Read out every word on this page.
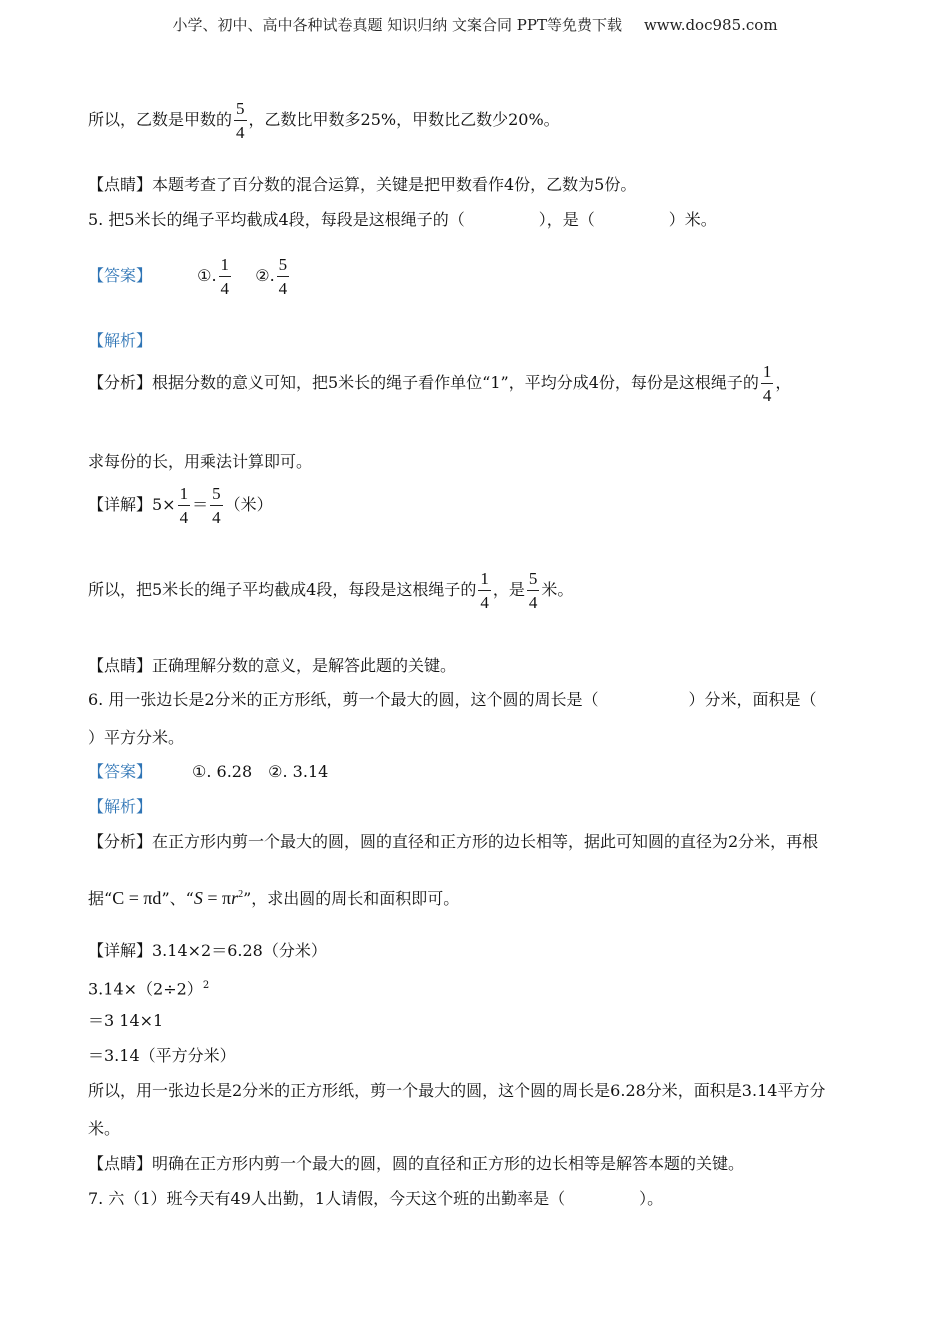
小学、初中、高中各种试卷真题 知识归纳 文案合同 PPT等免费下载 www.doc985.com
所以，乙数是甲数的 $\frac{5}{4}$ ，乙数比甲数多25%，甲数比乙数少20%。
【点睛】本题考查了百分数的混合运算，关键是把甲数看作4份，乙数为5份。
5. 把5米长的绳子平均截成4段，每段是这根绳子的（	），是（	）米。
【答案】	①. $\frac{1}{4}$ ②. $\frac{5}{4}$
【解析】
【分析】根据分数的意义可知，把5米长的绳子看作单位“1”，平均分成4份，每份是这根绳子的 $\frac{1}{4}$ ，
求每份的长，用乘法计算即可。
【详解】$5\times \frac{1}{4} = \frac{5}{4}$ （米）
所以，把5米长的绳子平均截成4段，每段是这根绳子的 $\frac{1}{4}$ ，是 $\frac{5}{4}$ 米。
【点睛】正确理解分数的意义，是解答此题的关键。
6. 用一张边长是2分米的正方形纸，剪一个最大的圆，这个圆的周长是（	）分米，面积是（
）平方分米。
【答案】	①. 6.28　②. 3.14
【解析】
【分析】在正方形内剪一个最大的圆，圆的直径和正方形的边长相等，据此可知圆的直径为2分米，再根
据“C = πd”、“$S = \pi r^2$”，求出圆的周长和面积即可。
【详解】3.14×2＝6.28（分米）
$3.14\times(2\div 2)^2$
＝3 14×1
＝3.14（平方分米）
所以，用一张边长是2分米的正方形纸，剪一个最大的圆，这个圆的周长是6.28分米，面积是3.14平方分
米。
【点睛】明确在正方形内剪一个最大的圆，圆的直径和正方形的边长相等是解答本题的关键。
7. 六（1）班今天有49人出勤，1人请假，今天这个班的出勤率是（	）。
